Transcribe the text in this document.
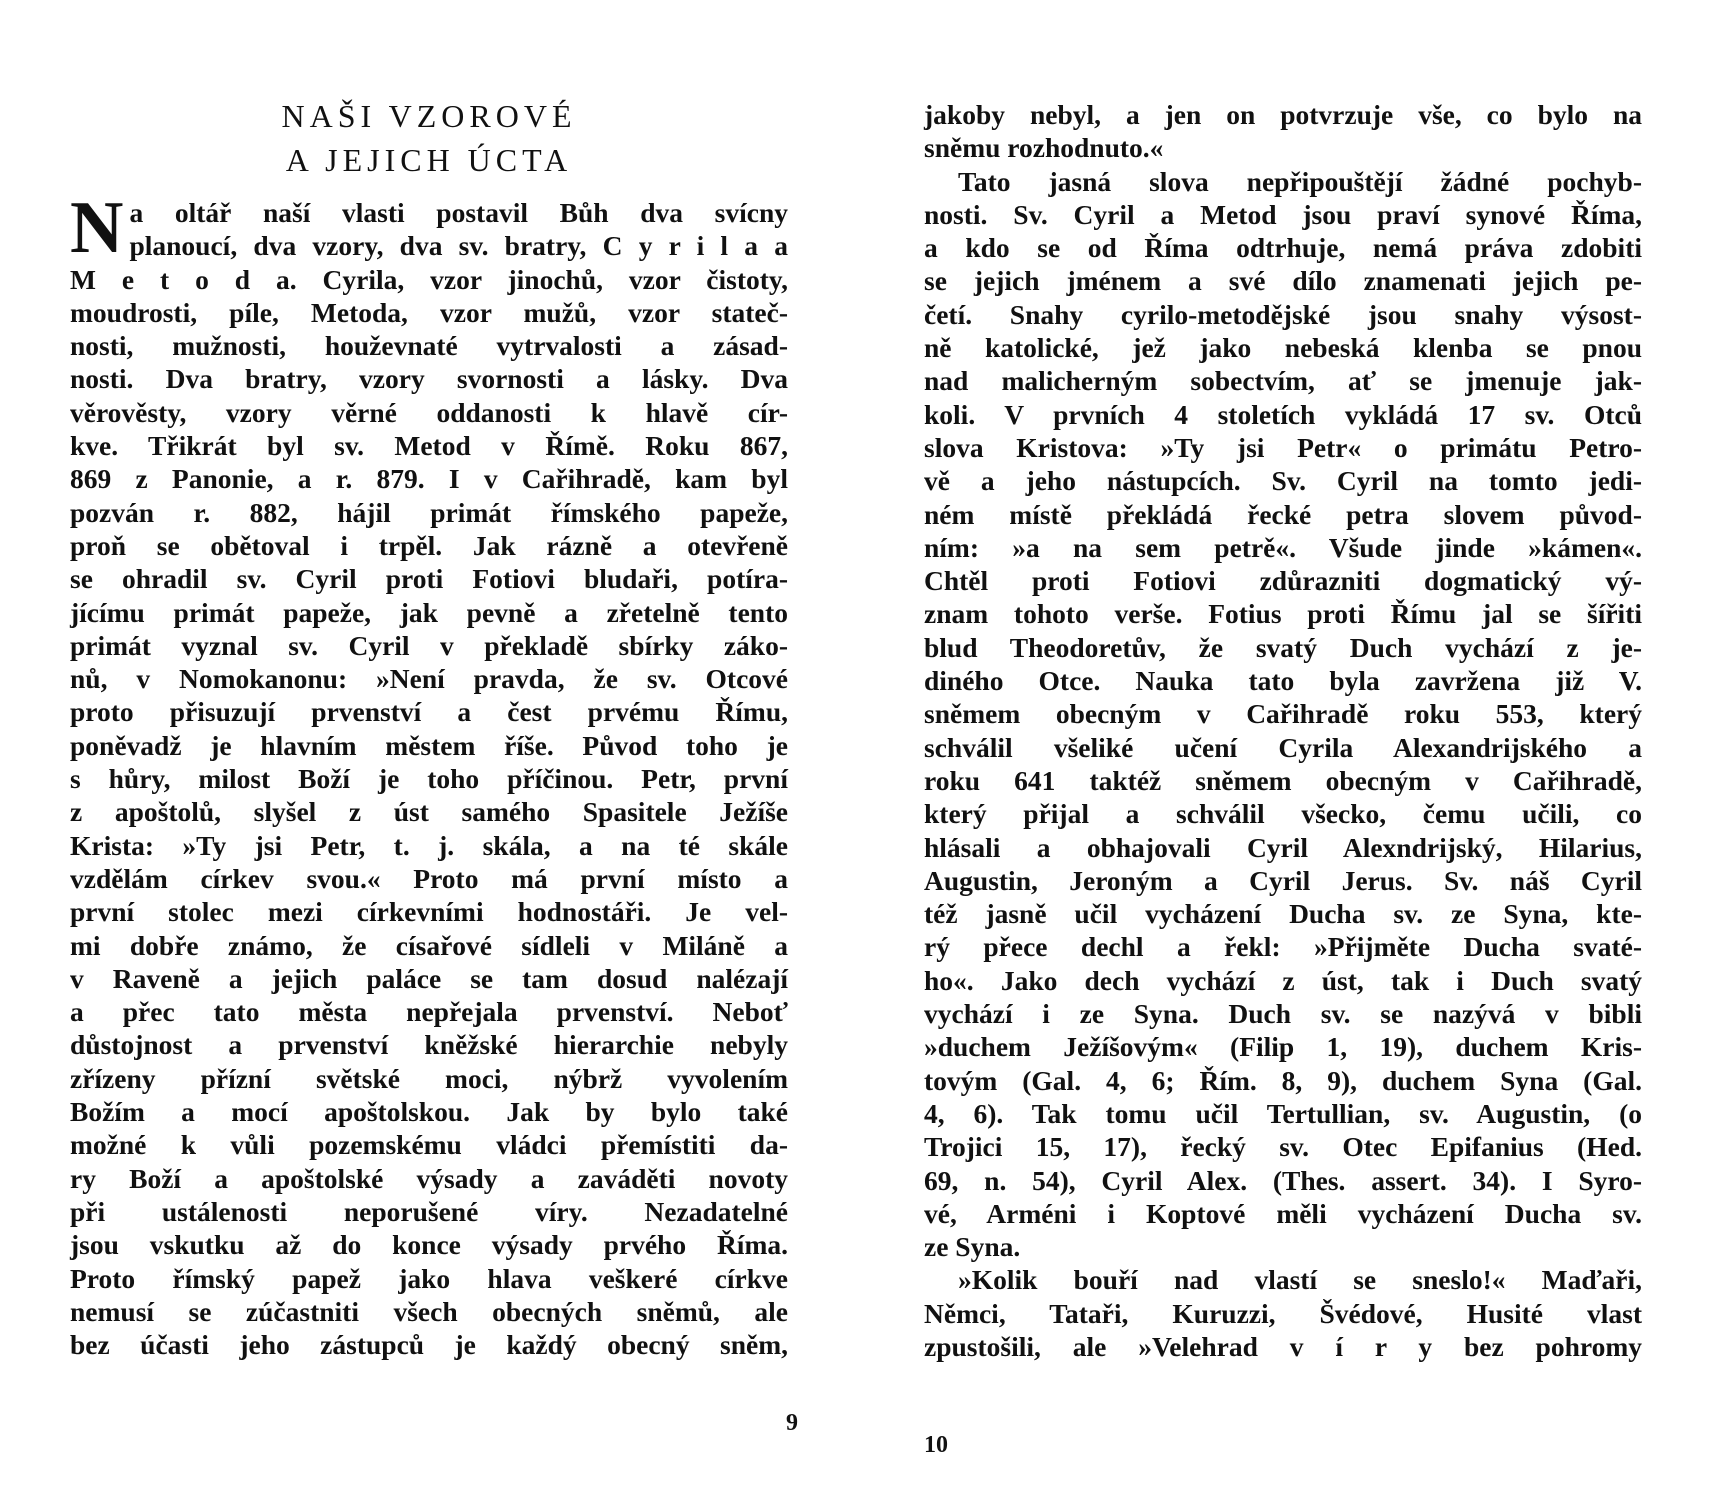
NAŠI VZOROVÉ
A JEJICH ÚCTA
N a oltář naší vlasti postavil Bůh dva svícny
planoucí, dva vzory, dva sv. bratry, C y r i l a a
M e t o d a. Cyrila, vzor jinochů, vzor čistoty,
moudrosti, píle, Metoda, vzor mužů, vzor statеč-
nosti, mužnosti, houževnaté vytrvalosti a zásad-
nosti. Dva bratry, vzory svornosti a lásky. Dva
věrověsty, vzory věrné oddanosti k hlavě cír-
kve. Třikrát byl sv. Metod v Římě. Roku 867,
869 z Panonie, a r. 879. I v Cařihradě, kam byl
pozván r. 882, hájil primát římského papeže,
proň se obětoval i trpěl. Jak rázně a otevřeně
se ohradil sv. Cyril proti Fotiovi bludaři, potíra-
jícímu primát papeže, jak pevně a zřetelně tento
primát vyznal sv. Cyril v překladě sbírky zákо-
nů, v Nomokanonu: »Není pravda, že sv. Otcové
proto přisuzují prvenství a čest prvému Římu,
poněvadž je hlavním městem říše. Původ toho je
s hůry, milost Boží je toho příčinou. Petr, první
z apoštolů, slyšel z úst samého Spasitele Ježíše
Krista: »Ty jsi Petr, t. j. skála, a na té skále
vzdělám církev svou.« Proto má první místo a
první stolec mezi církevními hodnostáři. Je vel-
mi dobře známo, že císařové sídleli v Miláně a
v Raveně a jejich paláce se tam dosud nalézají
a přec tato města nepřejala prvenství. Neboť
důstojnost a prvenství kněžské hierarchie nebyly
zřízeny přízní světské moci, nýbrž vyvolením
Božím a mocí apoštolskou. Jak by bylo také
možné k vůli pozemskému vládci přemístiti da-
ry Boží a apoštolské výsady a zaváděti novoty
při ustálenosti neporušené víry. Nezadatelné
jsou vskutku až do konce výsady prvého Říma.
Proto římský papež jako hlava veškeré církve
nemusí se zúčastniti všech obecných sněmů, ale
bez účasti jeho zástupců je každý obecný sněm,
9
jakoby nebyl, a jen on potvrzuje vše, co bylo na
sněmu rozhodnuto.«
Tato jasná slova nepřipouštějí žádné pochyb-
nosti. Sv. Cyril a Metod jsou praví synové Říma,
a kdo se od Říma odtrhuje, nemá práva zdobiti
se jejich jménem a své dílo znamenati jejich pe-
četí. Snahy cyrilo-metodějské jsou snahy výsost-
ně katolické, jež jako nebeská klenba se pnou
nad malicherným sobectvím, ať se jmenuje jak-
koli. V prvních 4 stoletích vykládá 17 sv. Otců
slova Kristova: »Ty jsi Petr« o primátu Petro-
vě a jeho nástupcích. Sv. Cyril na tomto jedi-
ném místě překládá řecké petra slovem původ-
ním: »a na sem petrě«. Všude jinde »kámen«.
Chtěl proti Fotiovi zdůrazniti dogmatický vý-
znam tohoto verše. Fotius proti Římu jal se šířiti
blud Theodoretův, že svatý Duch vychází z je-
diného Otce. Nauka tato byla zavržena již V.
sněmem obecným v Cařihradě roku 553, který
schválil všeliké učení Cyrila Alexandrijského a
roku 641 taktéž sněmem obecným v Cařihradě,
který přijal a schválil všecko, čemu učili, co
hlásali a obhajovali Cyril Alexndrijský, Hilarius,
Augustin, Jeroným a Cyril Jerus. Sv. náš Cyril
též jasně učil vycházení Ducha sv. ze Syna, kte-
rý přece dechl a řekl: »Přijměte Ducha svaté-
ho«. Jako dech vychází z úst, tak i Duch svatý
vychází i ze Syna. Duch sv. se nazývá v bibli
»duchem Ježíšovým« (Filip 1, 19), duchem Kris-
tovým (Gal. 4, 6; Řím. 8, 9), duchem Syna (Gal.
4, 6). Tak tomu učil Tertullian, sv. Augustin, (o
Trojici 15, 17), řecký sv. Otec Epifanius (Hed.
69, n. 54), Cyril Alex. (Thes. assert. 34). I Syro-
vé, Arméni i Koptové měli vycházení Ducha sv.
ze Syna.
»Kolik bouří nad vlastí se sneslo!« Maďaři,
Němci, Tataři, Kuruzzi, Švédové, Husité vlast
zpustošili, ale »Velehrad v í r y bez pohromy
10
